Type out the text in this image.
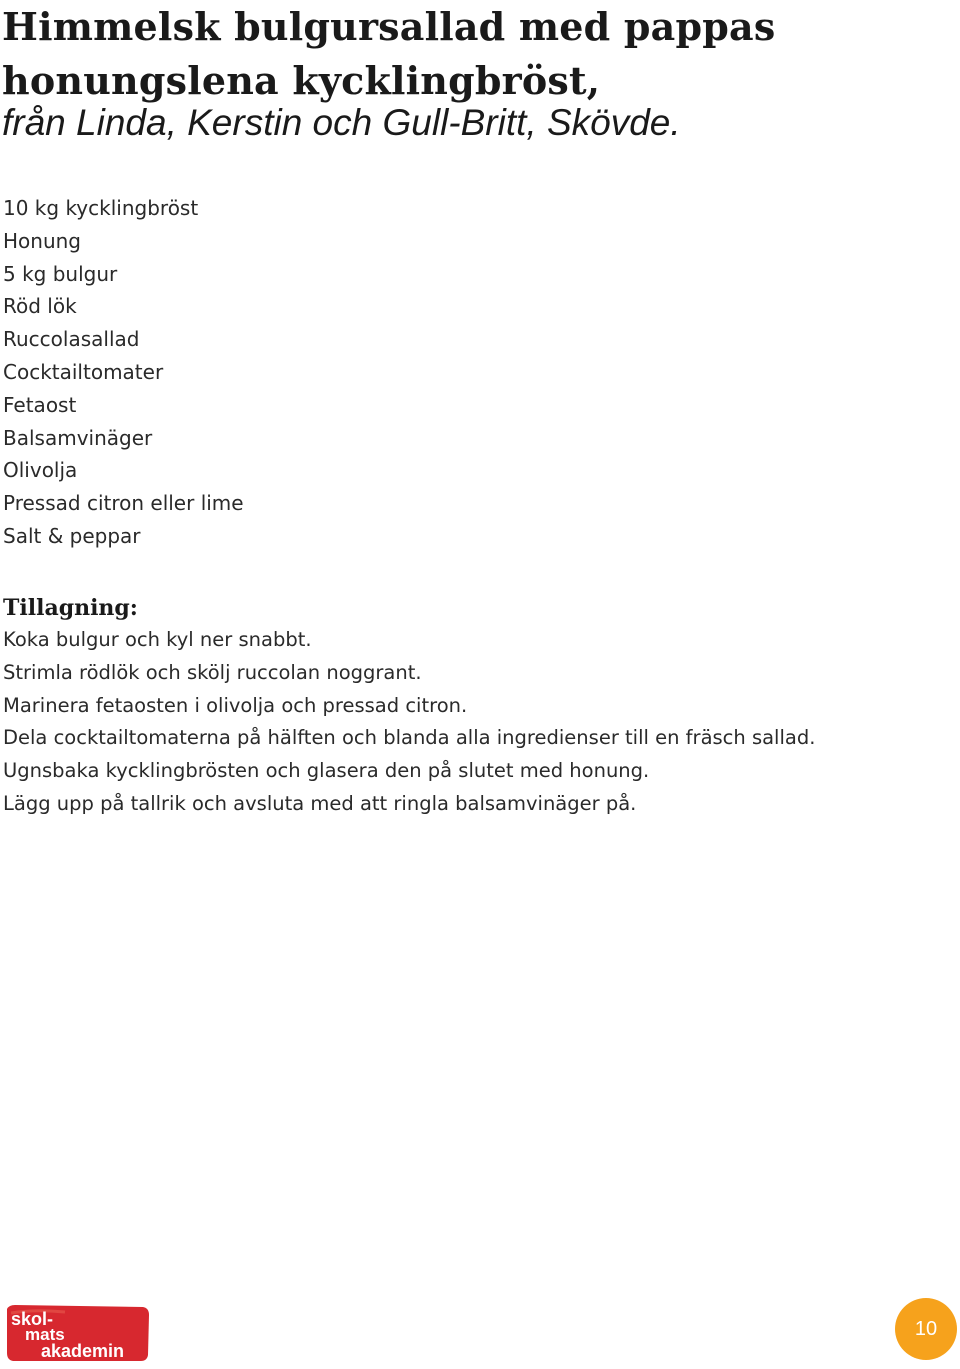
Himmelsk bulgursallad med pappas
honungslena kycklingbröst,
från Linda, Kerstin och Gull-Britt, Skövde.
10 kg kycklingbröst
Honung
5 kg bulgur
Röd lök
Ruccolasallad
Cocktailtomater
Fetaost
Balsamvinäger
Olivolja
Pressad citron eller lime
Salt & peppar
Tillagning:
Koka bulgur och kyl ner snabbt.
Strimla rödlök och skölj ruccolan noggrant.
Marinera fetaosten i olivolja och pressad citron.
Dela cocktailtomaterna på hälften och blanda alla ingredienser till en fräsch sallad.
Ugnsbaka kycklingbrösten och glasera den på slutet med honung.
Lägg upp på tallrik och avsluta med att ringla balsamvinäger på.
skol-
mats
akademin
10
